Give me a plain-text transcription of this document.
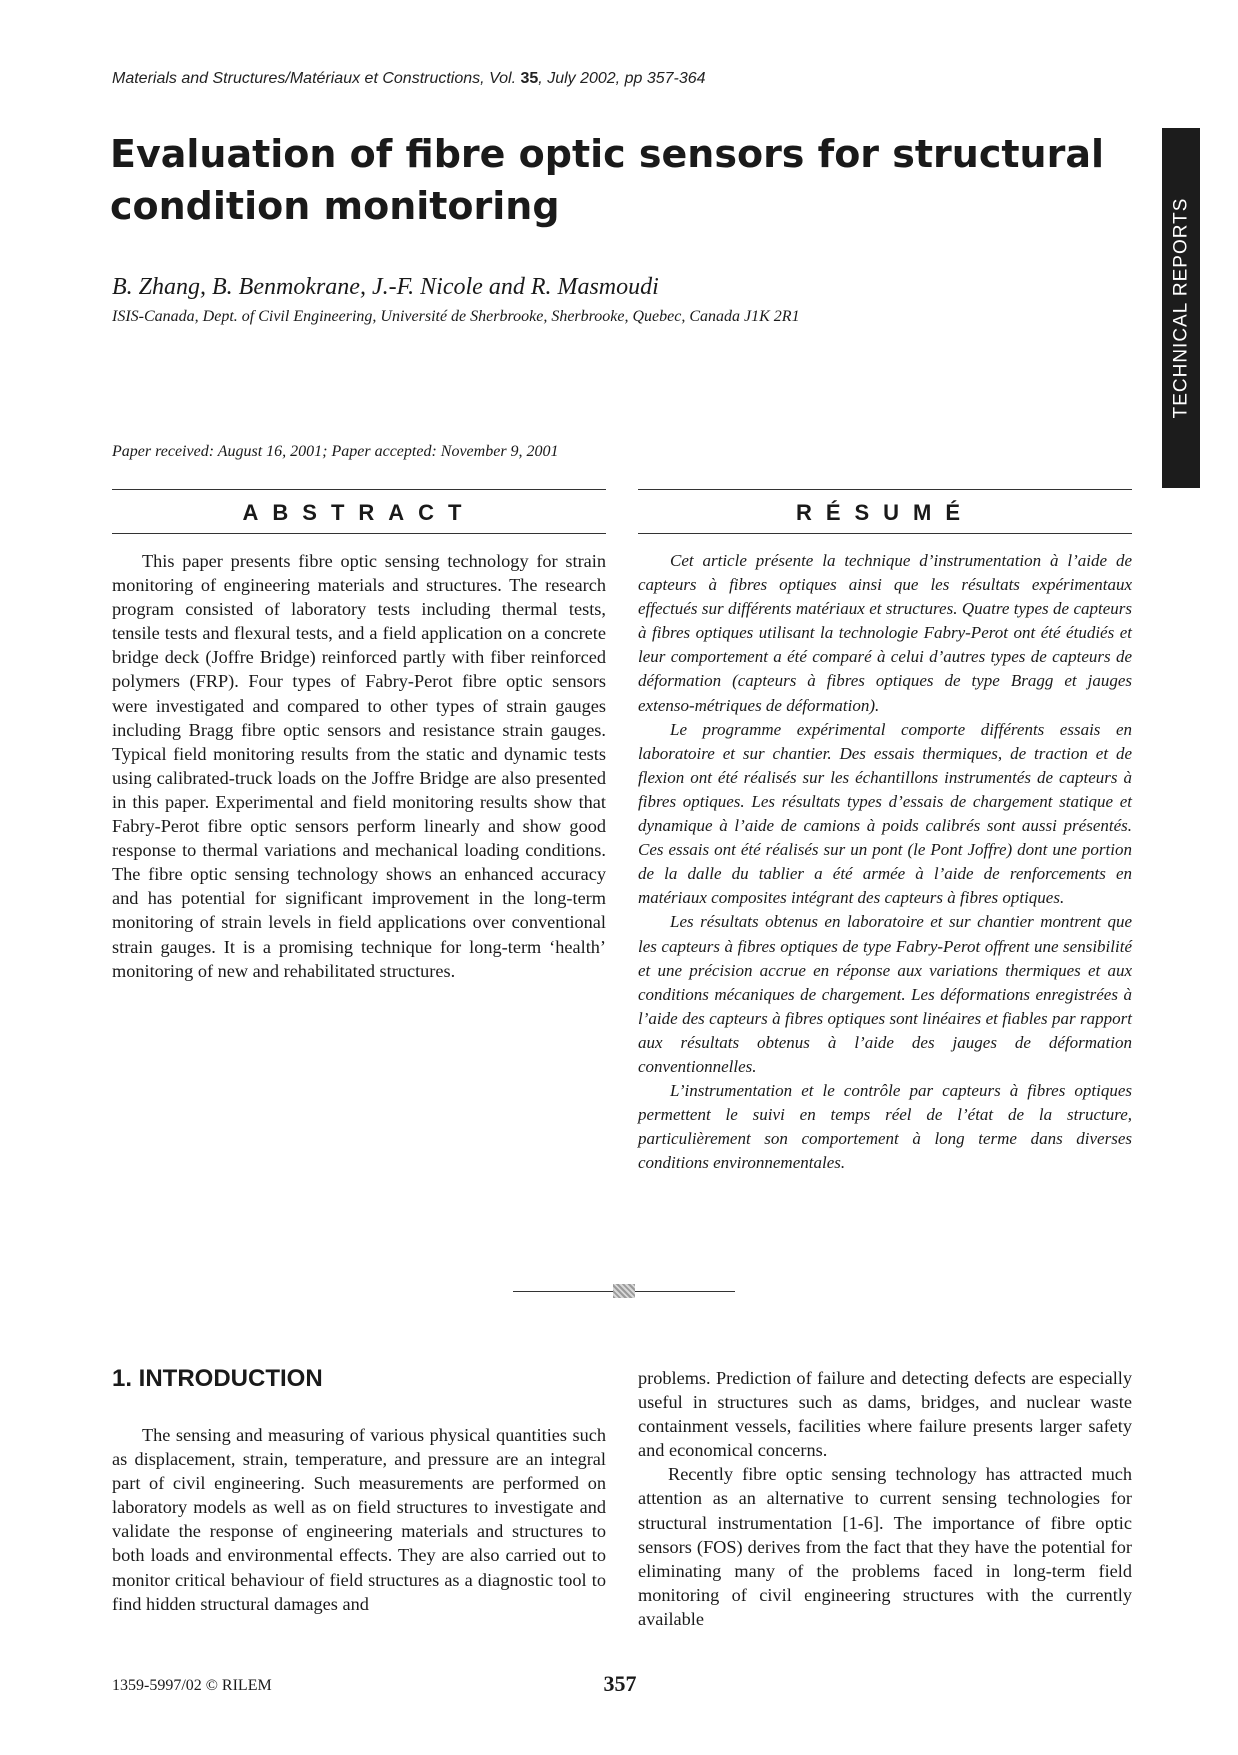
Materials and Structures/Matériaux et Constructions, Vol. 35, July 2002, pp 357-364
TECHNICAL REPORTS
Evaluation of fibre optic sensors for structural condition monitoring
B. Zhang, B. Benmokrane, J.-F. Nicole and R. Masmoudi
ISIS-Canada, Dept. of Civil Engineering, Université de Sherbrooke, Sherbrooke, Quebec, Canada J1K 2R1
Paper received: August 16, 2001; Paper accepted: November 9, 2001
ABSTRACT	RÉSUMÉ

This paper presents fibre optic sensing technology for strain monitoring of engineering materials and structures. The research program consisted of laboratory tests including thermal tests, tensile tests and flexural tests, and a field application on a concrete bridge deck (Joffre Bridge) reinforced partly with fiber reinforced polymers (FRP). Four types of Fabry-Perot fibre optic sensors were investigated and compared to other types of strain gauges including Bragg fibre optic sensors and resistance strain gauges. Typical field monitoring results from the static and dynamic tests using calibrated-truck loads on the Joffre Bridge are also presented in this paper. Experimental and field monitoring results show that Fabry-Perot fibre optic sensors perform linearly and show good response to thermal variations and mechanical loading conditions. The fibre optic sensing technology shows an enhanced accuracy and has potential for significant improvement in the long-term monitoring of strain levels in field applications over conventional strain gauges. It is a promising technique for long-term ‘health’ monitoring of new and rehabilitated structures.

Cet article présente la technique d’instrumentation à l’aide de capteurs à fibres optiques ainsi que les résultats expérimentaux effectués sur différents matériaux et structures. Quatre types de capteurs à fibres optiques utilisant la technologie Fabry-Perot ont été étudiés et leur comportement a été comparé à celui d’autres types de capteurs de déformation (capteurs à fibres optiques de type Bragg et jauges extenso-métriques de déformation).

Le programme expérimental comporte différents essais en laboratoire et sur chantier. Des essais thermiques, de traction et de flexion ont été réalisés sur les échantillons instrumentés de capteurs à fibres optiques. Les résultats types d’essais de chargement statique et dynamique à l’aide de camions à poids calibrés sont aussi présentés. Ces essais ont été réalisés sur un pont (le Pont Joffre) dont une portion de la dalle du tablier a été armée à l’aide de renforcements en matériaux composites intégrant des capteurs à fibres optiques.

Les résultats obtenus en laboratoire et sur chantier montrent que les capteurs à fibres optiques de type Fabry-Perot offrent une sensibilité et une précision accrue en réponse aux variations thermiques et aux conditions mécaniques de chargement. Les déformations enregistrées à l’aide des capteurs à fibres optiques sont linéaires et fiables par rapport aux résultats obtenus à l’aide des jauges de déformation conventionnelles.

L’instrumentation et le contrôle par capteurs à fibres optiques permettent le suivi en temps réel de l’état de la structure, particulièrement son comportement à long terme dans diverses conditions environnementales.

1. INTRODUCTION

The sensing and measuring of various physical quantities such as displacement, strain, temperature, and pressure are an integral part of civil engineering. Such measurements are performed on laboratory models as well as on field structures to investigate and validate the response of engineering materials and structures to both loads and environmental effects. They are also carried out to monitor critical behaviour of field structures as a diagnostic tool to find hidden structural damages and

problems. Prediction of failure and detecting defects are especially useful in structures such as dams, bridges, and nuclear waste containment vessels, facilities where failure presents larger safety and economical concerns.

Recently fibre optic sensing technology has attracted much attention as an alternative to current sensing technologies for structural instrumentation [1-6]. The importance of fibre optic sensors (FOS) derives from the fact that they have the potential for eliminating many of the problems faced in long-term field monitoring of civil engineering structures with the currently available

1359-5997/02 © RILEM	357
